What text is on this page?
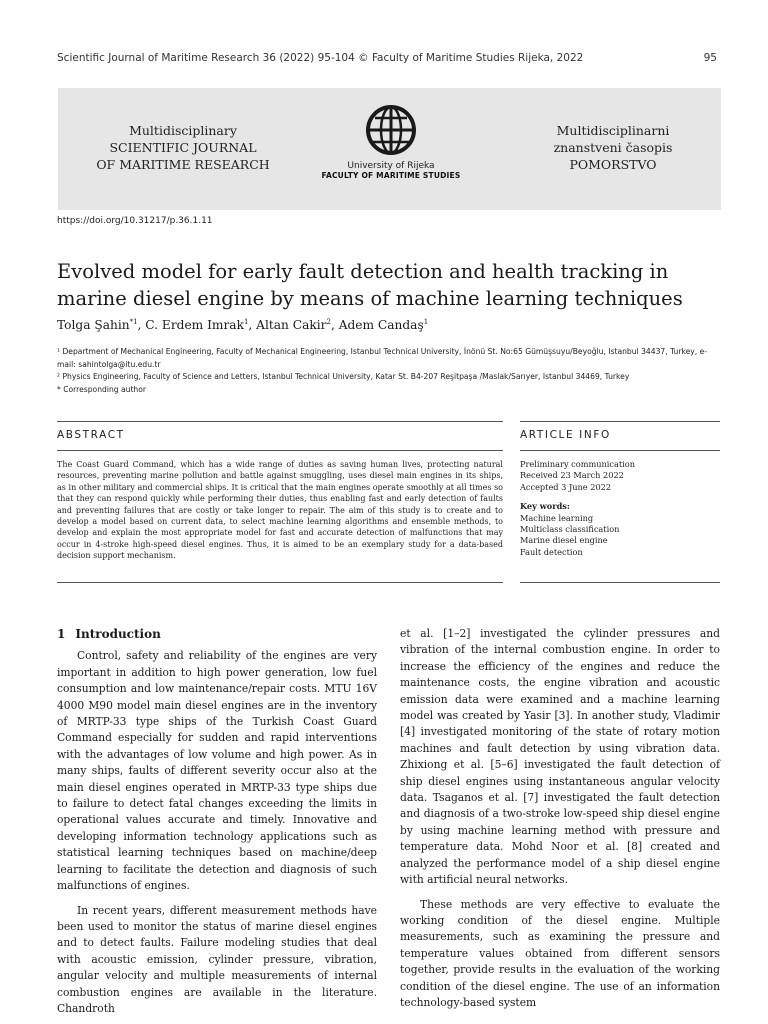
Scientific Journal of Maritime Research 36 (2022) 95-104 © Faculty of Maritime Studies Rijeka, 2022	95
Multidisciplinary
SCIENTIFIC JOURNAL
OF MARITIME RESEARCH	University of Rijeka
FACULTY OF MARITIME STUDIES
Multidisciplinarni
znanstveni časopis
POMORSTVO
https://doi.org/10.31217/p.36.1.11
Evolved model for early fault detection and health tracking in marine diesel engine by means of machine learning techniques
Tolga Şahin$^{*1}$, C. Erdem Imrak$^1$, Altan Cakir$^2$, Adem Candaş$^1$
¹ Department of Mechanical Engineering, Faculty of Mechanical Engineering, Istanbul Technical University, İnönü St. No:65 Gümüşsuyu/Beyoğlu, Istanbul 34437, Turkey, e-mail: sahintolga@itu.edu.tr
² Physics Engineering, Faculty of Science and Letters, Istanbul Technical University, Katar St. B4-207 Reşitpaşa /Maslak/Sarıyer, Istanbul 34469, Turkey
* Corresponding author
ABSTRACT	ARTICLE INFO
The Coast Guard Command, which has a wide range of duties as saving human lives, protecting natural resources, preventing marine pollution and battle against smuggling, uses diesel main engines in its ships, as in other military and commercial ships. It is critical that the main engines operate smoothly at all times so that they can respond quickly while performing their duties, thus enabling fast and early detection of faults and preventing failures that are costly or take longer to repair. The aim of this study is to create and to develop a model based on current data, to select machine learning algorithms and ensemble methods, to develop and explain the most appropriate model for fast and accurate detection of malfunctions that may occur in 4-stroke high-speed diesel engines. Thus, it is aimed to be an exemplary study for a data-based decision support mechanism.
Preliminary communication
Received 23 March 2022
Accepted 3 June 2022
Key words:
Machine learning
Multiclass classification
Marine diesel engine
Fault detection
1 Introduction

Control, safety and reliability of the engines are very important in addition to high power generation, low fuel consumption and low maintenance/repair costs. MTU 16V 4000 M90 model main diesel engines are in the inventory of MRTP-33 type ships of the Turkish Coast Guard Command especially for sudden and rapid interventions with the advantages of low volume and high power. As in many ships, faults of different severity occur also at the main diesel engines operated in MRTP-33 type ships due to failure to detect fatal changes exceeding the limits in operational values accurate and timely. Innovative and developing information technology applications such as statistical learning techniques based on machine/deep learning to facilitate the detection and diagnosis of such malfunctions of engines.

In recent years, different measurement methods have been used to monitor the status of marine diesel engines and to detect faults. Failure modeling studies that deal with acoustic emission, cylinder pressure, vibration, angular velocity and multiple measurements of internal combustion engines are available in the literature. Chandroth

et al. [1–2] investigated the cylinder pressures and vibration of the internal combustion engine. In order to increase the efficiency of the engines and reduce the maintenance costs, the engine vibration and acoustic emission data were examined and a machine learning model was created by Yasir [3]. In another study, Vladimir [4] investigated monitoring of the state of rotary motion machines and fault detection by using vibration data. Zhixiong et al. [5–6] investigated the fault detection of ship diesel engines using instantaneous angular velocity data. Tsaganos et al. [7] investigated the fault detection and diagnosis of a two-stroke low-speed ship diesel engine by using machine learning method with pressure and temperature data. Mohd Noor et al. [8] created and analyzed the performance model of a ship diesel engine with artificial neural networks.

These methods are very effective to evaluate the working condition of the diesel engine. Multiple measurements, such as examining the pressure and temperature values obtained from different sensors together, provide results in the evaluation of the working condition of the diesel engine. The use of an information technology-based system
